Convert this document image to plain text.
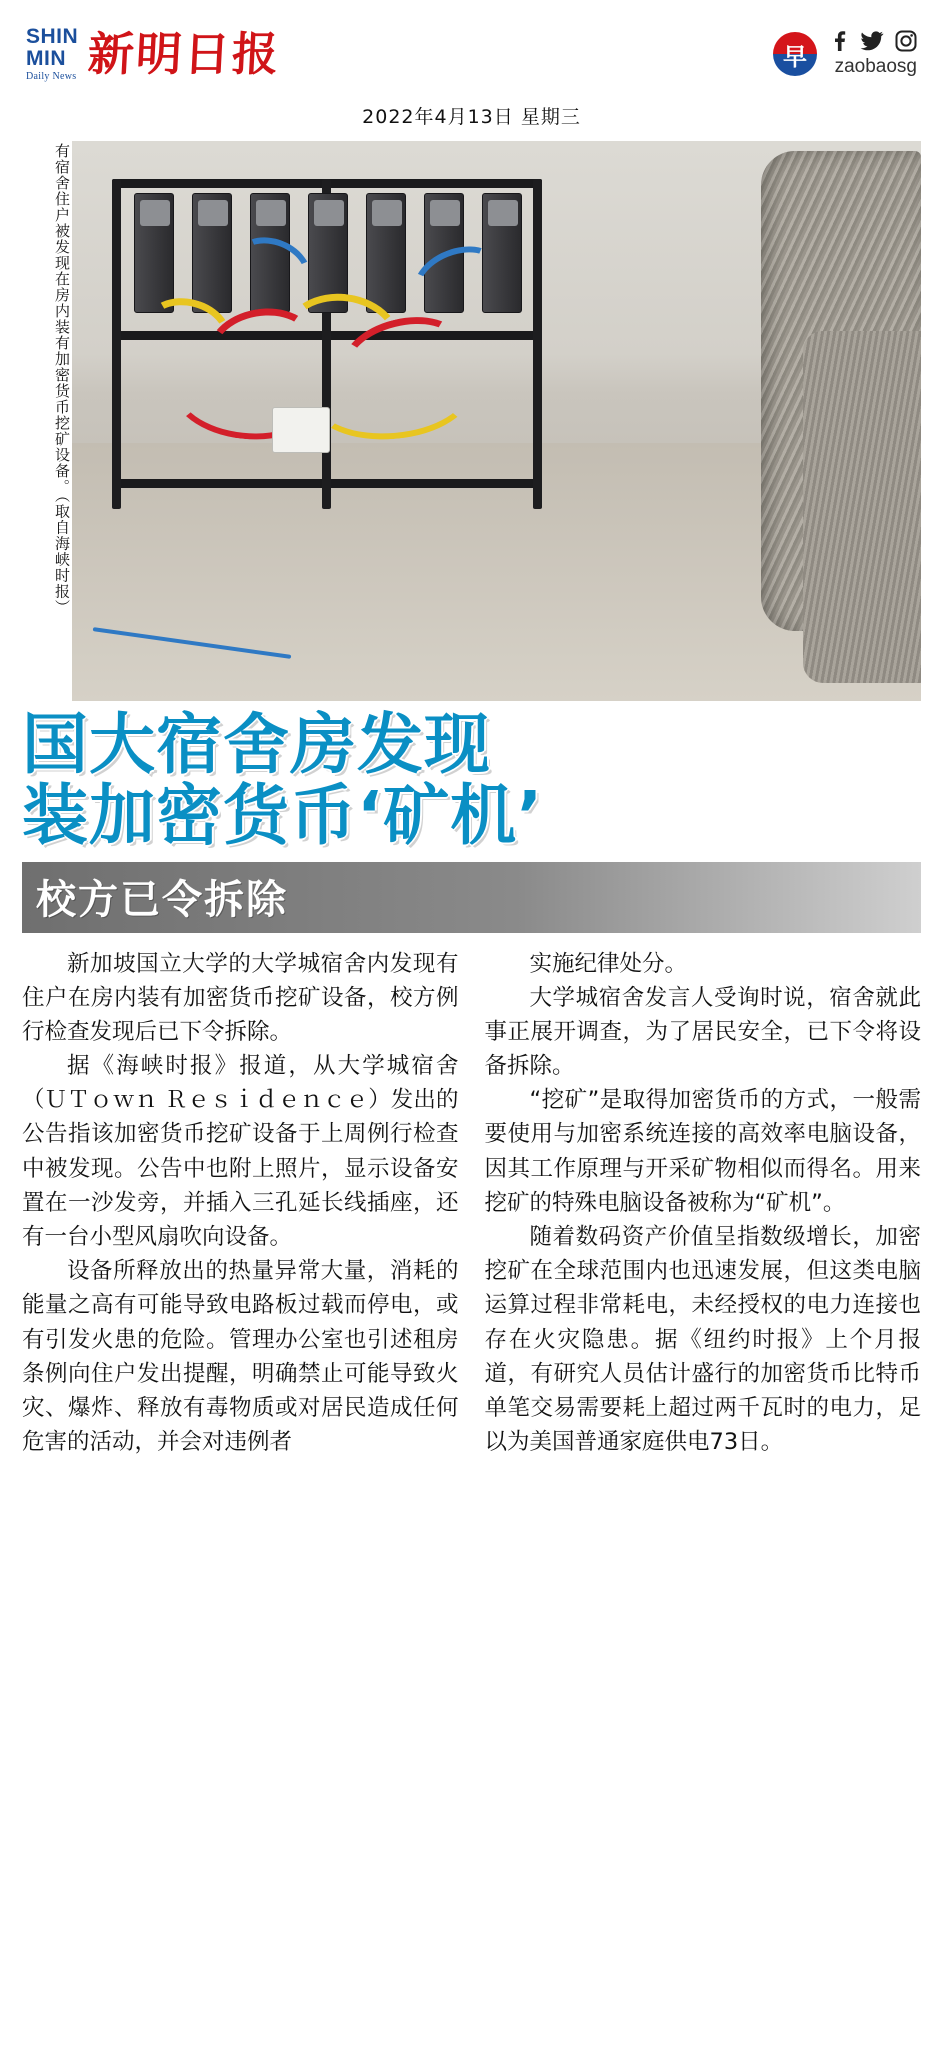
SHIN
MIN
Daily News 新明日报	早	zaobaosg
2022年4月13日 星期三
有宿舍住户被发现在房内装有加密货币挖矿设备。（取自海峡时报）
国大宿舍房发现
装加密货币‘矿机’
校方已令拆除

新加坡国立大学的大学城宿舍内发现有住户在房内装有加密货币挖矿设备，校方例行检查发现后已下令拆除。

据《海峡时报》报道，从大学城宿舍（ＵＴｏｗｎ Ｒｅｓｉｄｅｎｃｅ）发出的公告指该加密货币挖矿设备于上周例行检查中被发现。公告中也附上照片，显示设备安置在一沙发旁，并插入三孔延长线插座，还有一台小型风扇吹向设备。

设备所释放出的热量异常大量，消耗的能量之高有可能导致电路板过载而停电，或有引发火患的危险。管理办公室也引述租房条例向住户发出提醒，明确禁止可能导致火灾、爆炸、释放有毒物质或对居民造成任何危害的活动，并会对违例者

实施纪律处分。

大学城宿舍发言人受询时说，宿舍就此事正展开调查，为了居民安全，已下令将设备拆除。

“挖矿”是取得加密货币的方式，一般需要使用与加密系统连接的高效率电脑设备，因其工作原理与开采矿物相似而得名。用来挖矿的特殊电脑设备被称为“矿机”。

随着数码资产价值呈指数级增长，加密挖矿在全球范围内也迅速发展，但这类电脑运算过程非常耗电，未经授权的电力连接也存在火灾隐患。据《纽约时报》上个月报道，有研究人员估计盛行的加密货币比特币单笔交易需要耗上超过两千瓦时的电力，足以为美国普通家庭供电73日。
